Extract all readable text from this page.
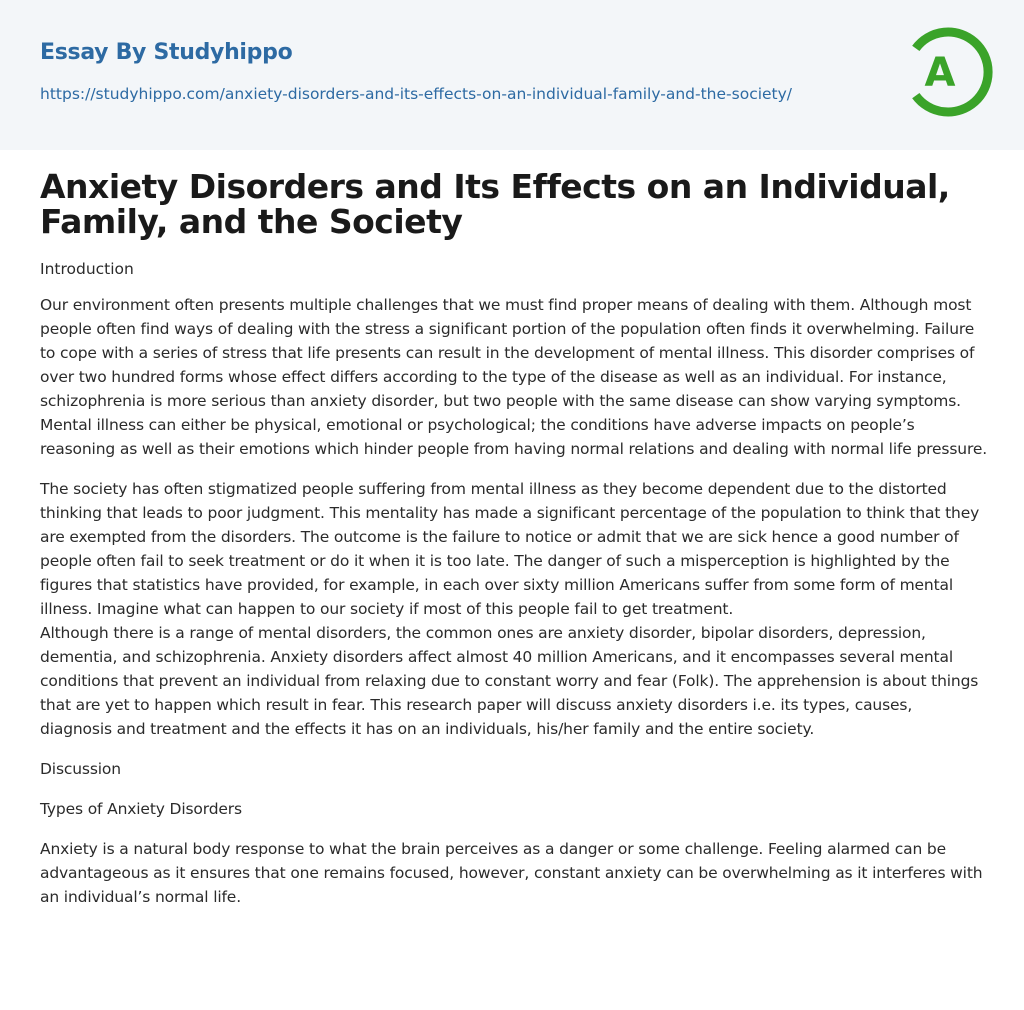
Essay By Studyhippo
https://studyhippo.com/anxiety-disorders-and-its-effects-on-an-individual-family-and-the-society/	A
Anxiety Disorders and Its Effects on an Individual, Family, and the Society

Introduction

Our environment often presents multiple challenges that we must find proper means of dealing with them. Although most people often find ways of dealing with the stress a significant portion of the population often finds it overwhelming. Failure to cope with a series of stress that life presents can result in the development of mental illness. This disorder comprises of over two hundred forms whose effect differs according to the type of the disease as well as an individual. For instance, schizophrenia is more serious than anxiety disorder, but two people with the same disease can show varying symptoms. Mental illness can either be physical, emotional or psychological; the conditions have adverse impacts on people’s reasoning as well as their emotions which hinder people from having normal relations and dealing with normal life pressure.

The society has often stigmatized people suffering from mental illness as they become dependent due to the distorted thinking that leads to poor judgment. This mentality has made a significant percentage of the population to think that they are exempted from the disorders. The outcome is the failure to notice or admit that we are sick hence a good number of people often fail to seek treatment or do it when it is too late. The danger of such a misperception is highlighted by the figures that statistics have provided, for example, in each over sixty million Americans suffer from some form of mental illness. Imagine what can happen to our society if most of this people fail to get treatment.

Although there is a range of mental disorders, the common ones are anxiety disorder, bipolar disorders, depression, dementia, and schizophrenia. Anxiety disorders affect almost 40 million Americans, and it encompasses several mental conditions that prevent an individual from relaxing due to constant worry and fear (Folk). The apprehension is about things that are yet to happen which result in fear. This research paper will discuss anxiety disorders i.e. its types, causes, diagnosis and treatment and the effects it has on an individuals, his/her family and the entire society.

Discussion

Types of Anxiety Disorders

Anxiety is a natural body response to what the brain perceives as a danger or some challenge. Feeling alarmed can be advantageous as it ensures that one remains focused, however, constant anxiety can be overwhelming as it interferes with an individual’s normal life.
